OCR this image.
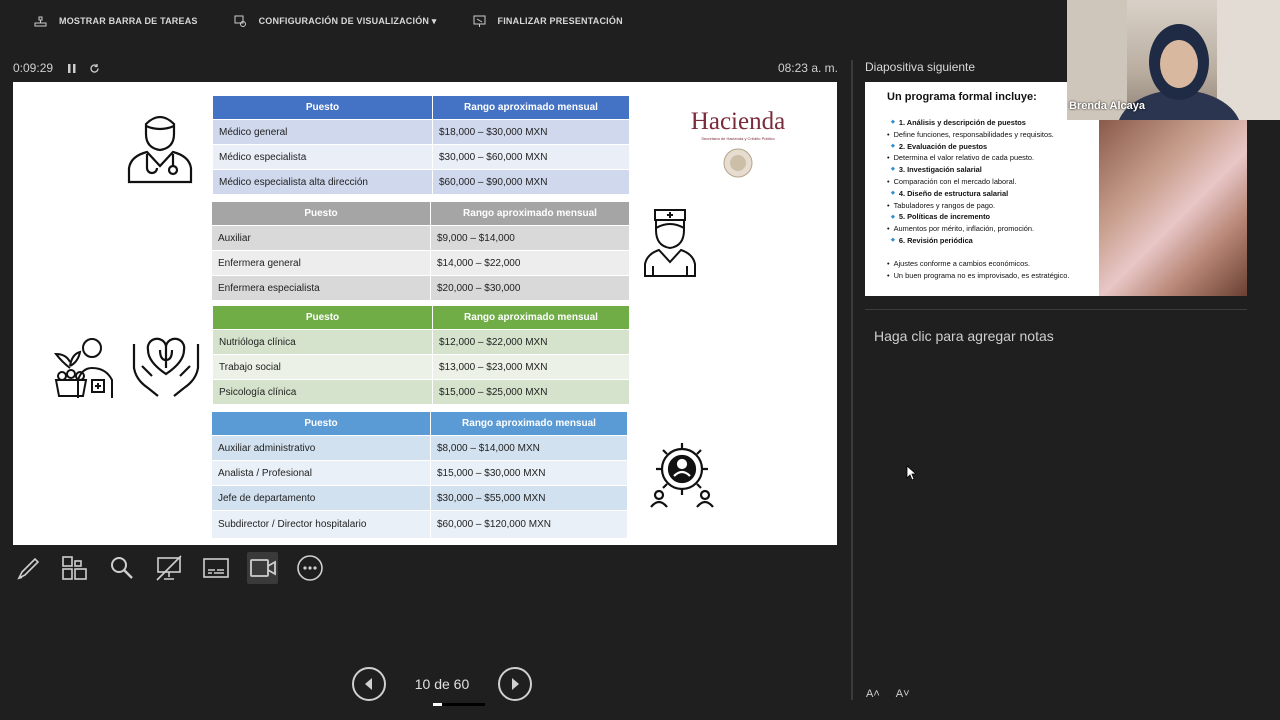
MOSTRAR BARRA DE TAREAS	CONFIGURACIÓN DE VISUALIZACIÓN ▾	FINALIZAR PRESENTACIÓN
0:09:29	08:23 a. m.
Puesto	Rango aproximado mensual
Médico general	$18,000 – $30,000 MXN
Médico especialista	$30,000 – $60,000 MXN
Médico especialista alta dirección	$60,000 – $90,000 MXN
Puesto	Rango aproximado mensual
Auxiliar	$9,000 – $14,000
Enfermera general	$14,000 – $22,000
Enfermera especialista	$20,000 – $30,000
Puesto	Rango aproximado mensual
Nutrióloga clínica	$12,000 – $22,000 MXN
Trabajo social	$13,000 – $23,000 MXN
Psicología clínica	$15,000 – $25,000 MXN
Puesto	Rango aproximado mensual
Auxiliar administrativo	$8,000 – $14,000 MXN
Analista / Profesional	$15,000 – $30,000 MXN
Jefe de departamento	$30,000 – $55,000 MXN
Subdirector / Director hospitalario	$60,000 – $120,000 MXN
Hacienda
Secretaría de Hacienda y Crédito Público
10 de 60
Diapositiva siguiente
Un programa formal incluye:
◆ 1. Análisis y descripción de puestos
• Define funciones, responsabilidades y requisitos.
◆ 2. Evaluación de puestos
• Determina el valor relativo de cada puesto.
◆ 3. Investigación salarial
• Comparación con el mercado laboral.
◆ 4. Diseño de estructura salarial
• Tabuladores y rangos de pago.
◆ 5. Políticas de incremento
• Aumentos por mérito, inflación, promoción.
◆ 6. Revisión periódica
• Ajustes conforme a cambios económicos.
• Un buen programa no es improvisado, es estratégico.
Haga clic para agregar notas
A˄ A˅
Brenda Alcaya
